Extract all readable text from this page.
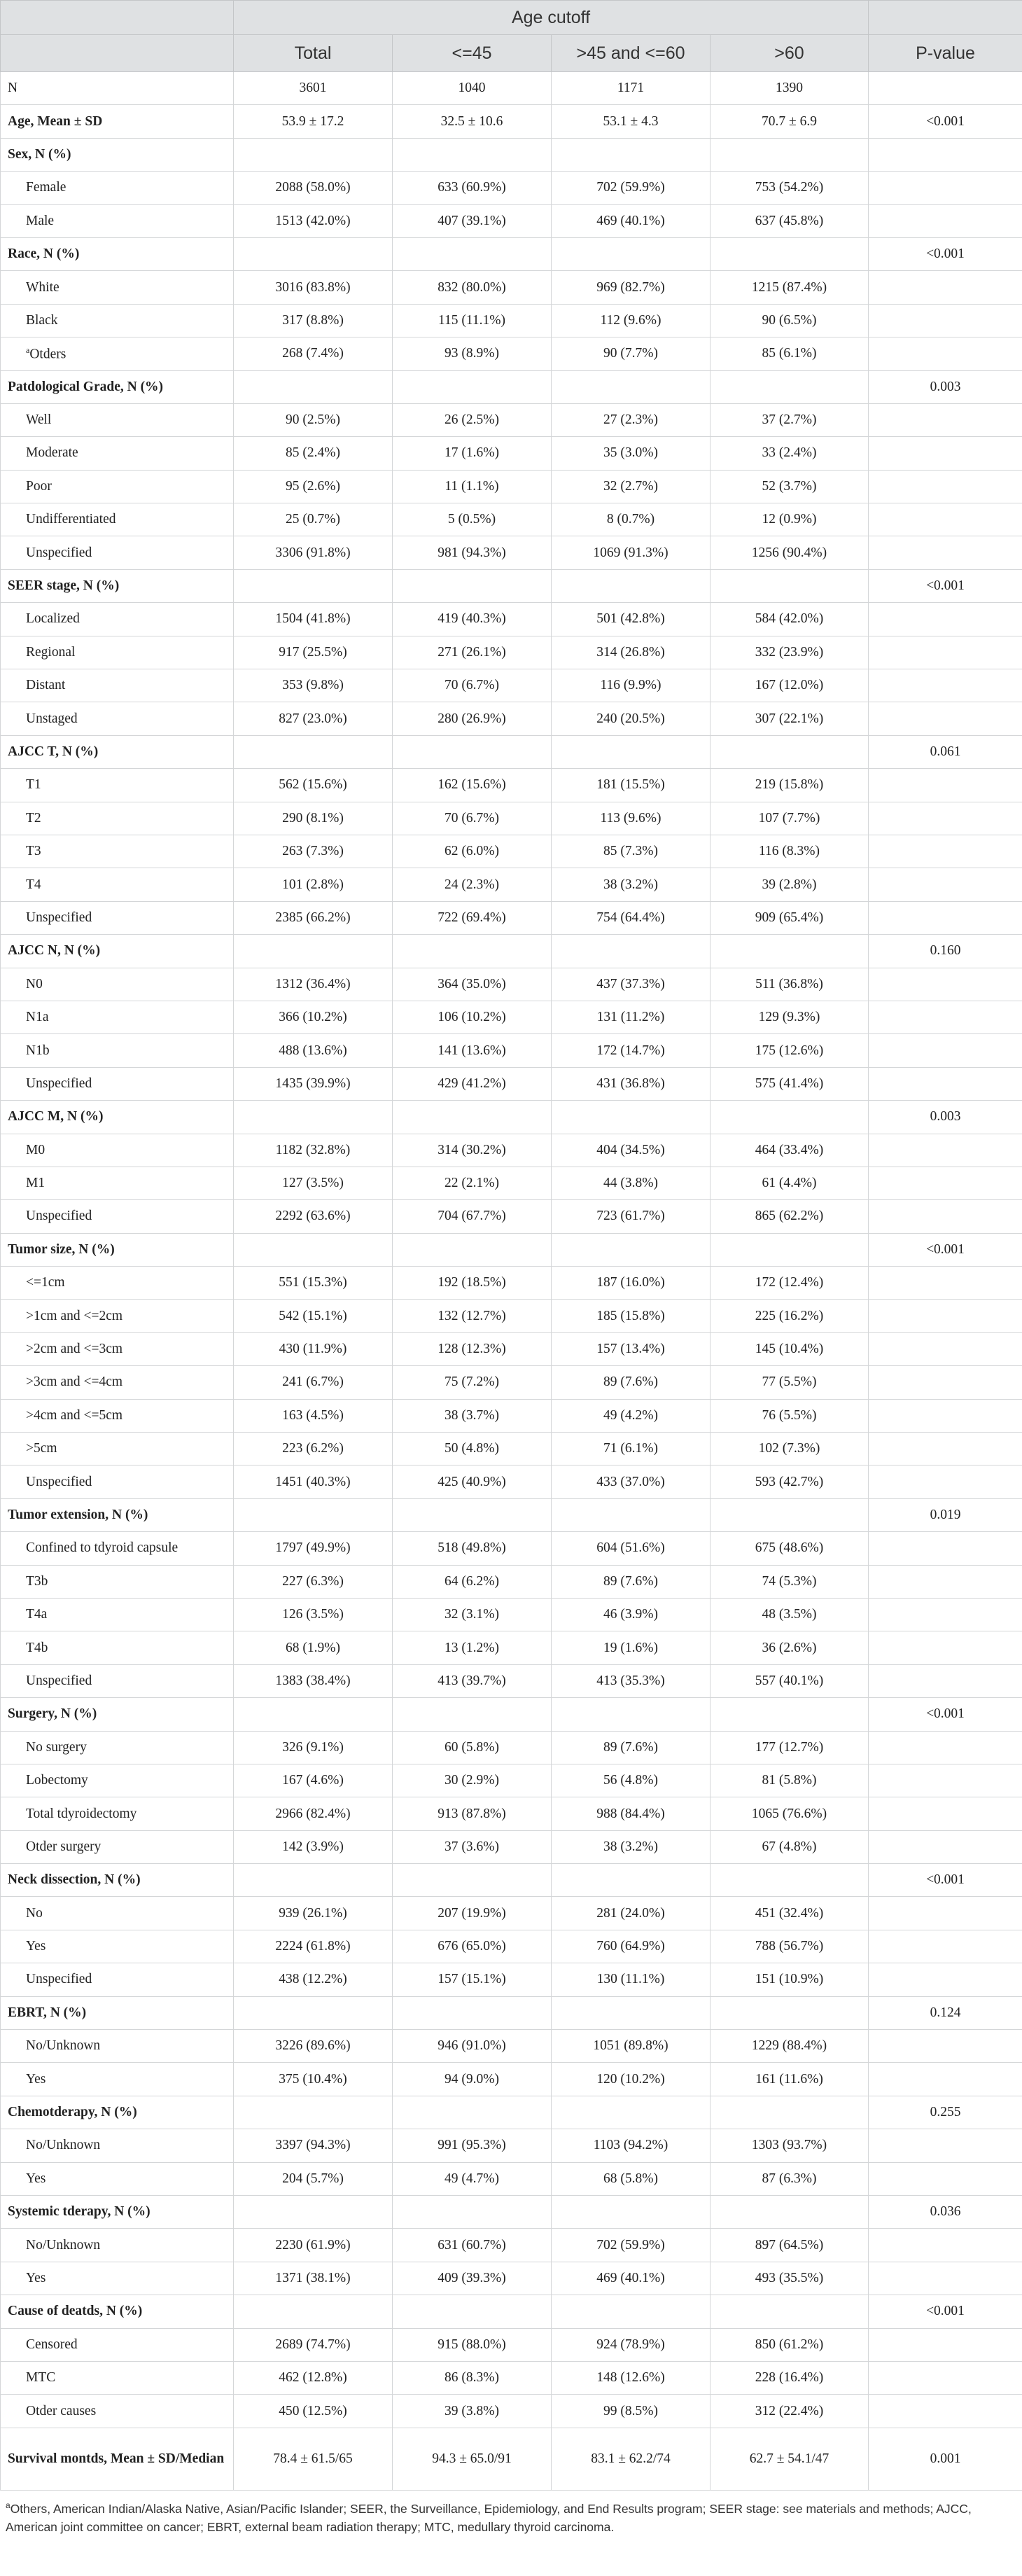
	Age cutoff				
	Total	<=45	>45 and <=60	>60	P-value
N	3601	1040	1171	1390	
Age, Mean ± SD	53.9 ± 17.2	32.5 ± 10.6	53.1 ± 4.3	70.7 ± 6.9	<0.001
Sex, N (%)					
Female	2088 (58.0%)	633 (60.9%)	702 (59.9%)	753 (54.2%)	
Male	1513 (42.0%)	407 (39.1%)	469 (40.1%)	637 (45.8%)	
Race, N (%)					<0.001
White	3016 (83.8%)	832 (80.0%)	969 (82.7%)	1215 (87.4%)	
Black	317 (8.8%)	115 (11.1%)	112 (9.6%)	90 (6.5%)	
$^a$Otders	268 (7.4%)	93 (8.9%)	90 (7.7%)	85 (6.1%)	
Patdological Grade, N (%)					0.003
Well	90 (2.5%)	26 (2.5%)	27 (2.3%)	37 (2.7%)	
Moderate	85 (2.4%)	17 (1.6%)	35 (3.0%)	33 (2.4%)	
Poor	95 (2.6%)	11 (1.1%)	32 (2.7%)	52 (3.7%)	
Undifferentiated	25 (0.7%)	5 (0.5%)	8 (0.7%)	12 (0.9%)	
Unspecified	3306 (91.8%)	981 (94.3%)	1069 (91.3%)	1256 (90.4%)	
SEER stage, N (%)					<0.001
Localized	1504 (41.8%)	419 (40.3%)	501 (42.8%)	584 (42.0%)	
Regional	917 (25.5%)	271 (26.1%)	314 (26.8%)	332 (23.9%)	
Distant	353 (9.8%)	70 (6.7%)	116 (9.9%)	167 (12.0%)	
Unstaged	827 (23.0%)	280 (26.9%)	240 (20.5%)	307 (22.1%)	
AJCC T, N (%)					0.061
T1	562 (15.6%)	162 (15.6%)	181 (15.5%)	219 (15.8%)	
T2	290 (8.1%)	70 (6.7%)	113 (9.6%)	107 (7.7%)	
T3	263 (7.3%)	62 (6.0%)	85 (7.3%)	116 (8.3%)	
T4	101 (2.8%)	24 (2.3%)	38 (3.2%)	39 (2.8%)	
Unspecified	2385 (66.2%)	722 (69.4%)	754 (64.4%)	909 (65.4%)	
AJCC N, N (%)					0.160
N0	1312 (36.4%)	364 (35.0%)	437 (37.3%)	511 (36.8%)	
N1a	366 (10.2%)	106 (10.2%)	131 (11.2%)	129 (9.3%)	
N1b	488 (13.6%)	141 (13.6%)	172 (14.7%)	175 (12.6%)	
Unspecified	1435 (39.9%)	429 (41.2%)	431 (36.8%)	575 (41.4%)	
AJCC M, N (%)					0.003
M0	1182 (32.8%)	314 (30.2%)	404 (34.5%)	464 (33.4%)	
M1	127 (3.5%)	22 (2.1%)	44 (3.8%)	61 (4.4%)	
Unspecified	2292 (63.6%)	704 (67.7%)	723 (61.7%)	865 (62.2%)	
Tumor size, N (%)					<0.001
<=1cm	551 (15.3%)	192 (18.5%)	187 (16.0%)	172 (12.4%)	
>1cm and <=2cm	542 (15.1%)	132 (12.7%)	185 (15.8%)	225 (16.2%)	
>2cm and <=3cm	430 (11.9%)	128 (12.3%)	157 (13.4%)	145 (10.4%)	
>3cm and <=4cm	241 (6.7%)	75 (7.2%)	89 (7.6%)	77 (5.5%)	
>4cm and <=5cm	163 (4.5%)	38 (3.7%)	49 (4.2%)	76 (5.5%)	
>5cm	223 (6.2%)	50 (4.8%)	71 (6.1%)	102 (7.3%)	
Unspecified	1451 (40.3%)	425 (40.9%)	433 (37.0%)	593 (42.7%)	
Tumor extension, N (%)					0.019
Confined to tdyroid capsule	1797 (49.9%)	518 (49.8%)	604 (51.6%)	675 (48.6%)	
T3b	227 (6.3%)	64 (6.2%)	89 (7.6%)	74 (5.3%)	
T4a	126 (3.5%)	32 (3.1%)	46 (3.9%)	48 (3.5%)	
T4b	68 (1.9%)	13 (1.2%)	19 (1.6%)	36 (2.6%)	
Unspecified	1383 (38.4%)	413 (39.7%)	413 (35.3%)	557 (40.1%)	
Surgery, N (%)					<0.001
No surgery	326 (9.1%)	60 (5.8%)	89 (7.6%)	177 (12.7%)	
Lobectomy	167 (4.6%)	30 (2.9%)	56 (4.8%)	81 (5.8%)	
Total tdyroidectomy	2966 (82.4%)	913 (87.8%)	988 (84.4%)	1065 (76.6%)	
Otder surgery	142 (3.9%)	37 (3.6%)	38 (3.2%)	67 (4.8%)	
Neck dissection, N (%)					<0.001
No	939 (26.1%)	207 (19.9%)	281 (24.0%)	451 (32.4%)	
Yes	2224 (61.8%)	676 (65.0%)	760 (64.9%)	788 (56.7%)	
Unspecified	438 (12.2%)	157 (15.1%)	130 (11.1%)	151 (10.9%)	
EBRT, N (%)					0.124
No/Unknown	3226 (89.6%)	946 (91.0%)	1051 (89.8%)	1229 (88.4%)	
Yes	375 (10.4%)	94 (9.0%)	120 (10.2%)	161 (11.6%)	
Chemotderapy, N (%)					0.255
No/Unknown	3397 (94.3%)	991 (95.3%)	1103 (94.2%)	1303 (93.7%)	
Yes	204 (5.7%)	49 (4.7%)	68 (5.8%)	87 (6.3%)	
Systemic tderapy, N (%)					0.036
No/Unknown	2230 (61.9%)	631 (60.7%)	702 (59.9%)	897 (64.5%)	
Yes	1371 (38.1%)	409 (39.3%)	469 (40.1%)	493 (35.5%)	
Cause of deatds, N (%)					<0.001
Censored	2689 (74.7%)	915 (88.0%)	924 (78.9%)	850 (61.2%)	
MTC	462 (12.8%)	86 (8.3%)	148 (12.6%)	228 (16.4%)	
Otder causes	450 (12.5%)	39 (3.8%)	99 (8.5%)	312 (22.4%)	
Survival montds, Mean ± SD/Median	78.4 ± 61.5/65	94.3 ± 65.0/91	83.1 ± 62.2/74	62.7 ± 54.1/47	0.001
$^a$Others, American Indian/Alaska Native, Asian/Pacific Islander; SEER, the Surveillance, Epidemiology, and End Results program; SEER stage: see materials and methods; AJCC, American joint committee on cancer; EBRT, external beam radiation therapy; MTC, medullary thyroid carcinoma.
